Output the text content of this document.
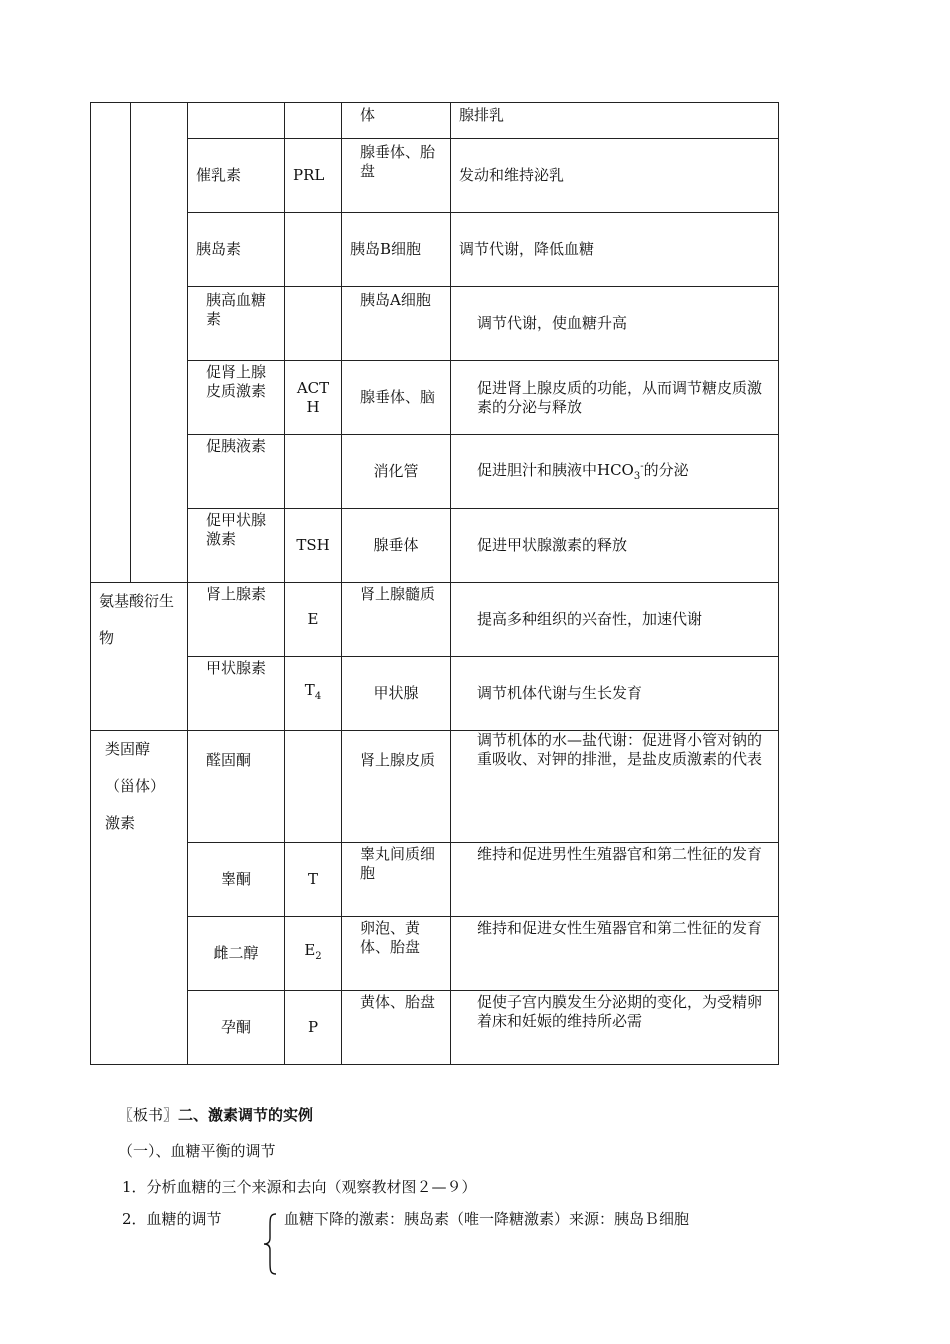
				体	腺排乳
		催乳素	PRL	腺垂体、胎盘	发动和维持泌乳
		胰岛素		胰岛B细胞	调节代谢，降低血糖

		胰高血糖素		胰岛A细胞	调节代谢，使血糖升高

		促肾上腺皮质激素	ACTH	腺垂体、脑	促进肾上腺皮质的功能，从而调节糖皮质激素的分泌与释放
		促胰液素		消化管	促进胆汁和胰液中$HCO_3^-$的分泌
		促甲状腺激素	TSH	腺垂体	促进甲状腺激素的释放
氨基酸衍生物		肾上腺素	E	肾上腺髓质	提高多种组织的兴奋性，加速代谢
		甲状腺素	$T_4$	甲状腺	调节机体代谢与生长发育
类固醇（甾体）激素		醛固酮		肾上腺皮质	调节机体的水—盐代谢：促进肾小管对钠的重吸收、对钾的排泄，是盐皮质激素的代表
		睾酮	T	睾丸间质细胞	维持和促进男性生殖器官和第二性征的发育
		雌二醇	$E_2$	卵泡、黄体、胎盘	维持和促进女性生殖器官和第二性征的发育
		孕酮	P	黄体、胎盘	促使子宫内膜发生分泌期的变化，为受精卵着床和妊娠的维持所必需
〖板书〗二、激素调节的实例
（一）、血糖平衡的调节
1．分析血糖的三个来源和去向（观察教材图２—９）
2．血糖的调节	血糖下降的激素：胰岛素（唯一降糖激素）来源：胰岛Ｂ细胞
